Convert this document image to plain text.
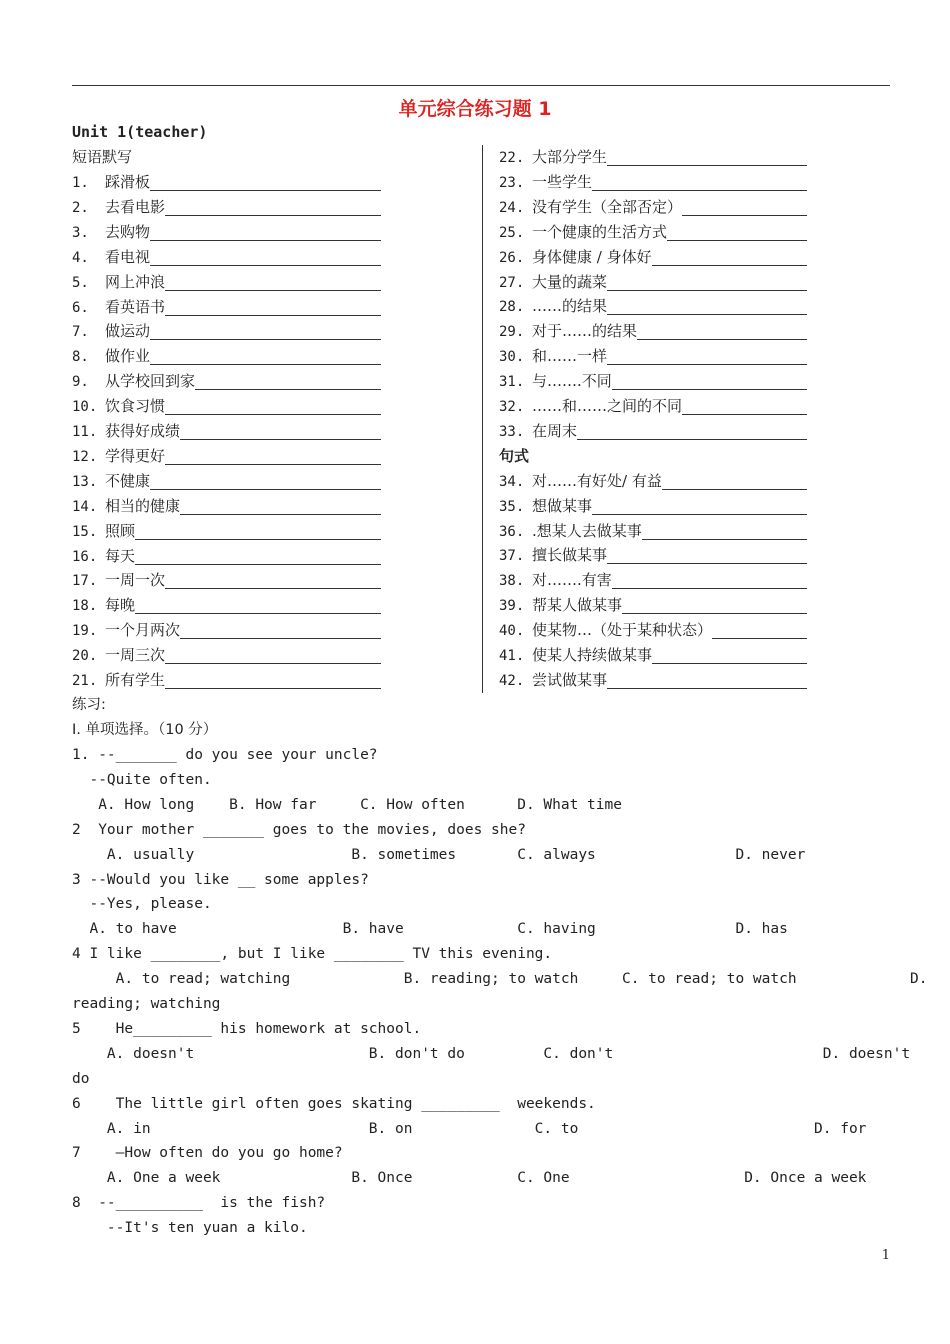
单元综合练习题 1
Unit 1(teacher)
短语默写
1. 踩滑板
2. 去看电影
3. 去购物
4. 看电视
5. 网上冲浪
6. 看英语书
7. 做运动
8. 做作业
9. 从学校回到家
10. 饮食习惯
11. 获得好成绩
12. 学得更好
13. 不健康
14. 相当的健康
15. 照顾
16. 每天
17. 一周一次
18. 每晚
19. 一个月两次
20. 一周三次
21. 所有学生
22. 大部分学生
23. 一些学生
24. 没有学生（全部否定）
25. 一个健康的生活方式
26. 身体健康 / 身体好
27. 大量的蔬菜
28. ……的结果
29. 对于……的结果
30. 和……一样
31. 与…….不同
32. ……和……之间的不同
33. 在周末
句式
34. 对……有好处/ 有益
35. 想做某事
36. .想某人去做某事
37. 擅长做某事
38. 对…….有害
39. 帮某人做某事
40. 使某物…（处于某种状态）
41. 使某人持续做某事
42. 尝试做某事
练习:
I. 单项选择。（10 分）
1. --_______ do you see your uncle?
--Quite often.
A. How long    B. How far     C. How often      D. What time
2  Your mother _______ goes to the movies, does she?
A. usually                  B. sometimes       C. always                D. never
3 --Would you like __ some apples?
--Yes, please.
A. to have                   B. have             C. having                D. has
4 I like ________, but I like ________ TV this evening.
A. to read; watching             B. reading; to watch     C. to read; to watch             D.
reading; watching
5    He_________ his homework at school.
A. doesn't                    B. don't do         C. don't                        D. doesn't
do
6    The little girl often goes skating _________  weekends.
A. in                         B. on              C. to                           D. for
7    —How often do you go home?
A. One a week               B. Once            C. One                    D. Once a week
8  --__________  is the fish?
--It's ten yuan a kilo.
1
